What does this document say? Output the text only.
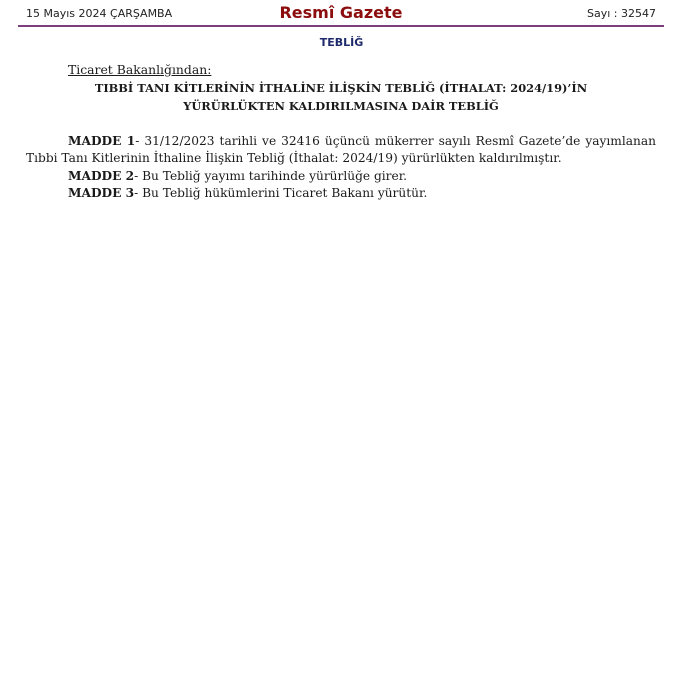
15 Mayıs 2024 ÇARŞAMBA	Resmî Gazete	Sayı : 32547
TEBLİĞ
Ticaret Bakanlığından:
TIBBİ TANI KİTLERİNİN İTHALİNE İLİŞKİN TEBLİĞ (İTHALAT: 2024/19)’İN
YÜRÜRLÜKTEN KALDIRILMASINA DAİR TEBLİĞ

MADDE 1- 31/12/2023 tarihli ve 32416 üçüncü mükerrer sayılı Resmî Gazete’de yayımlanan Tıbbi Tanı Kitlerinin İthaline İlişkin Tebliğ (İthalat: 2024/19) yürürlükten kaldırılmıştır.

MADDE 2- Bu Tebliğ yayımı tarihinde yürürlüğe girer.

MADDE 3- Bu Tebliğ hükümlerini Ticaret Bakanı yürütür.
